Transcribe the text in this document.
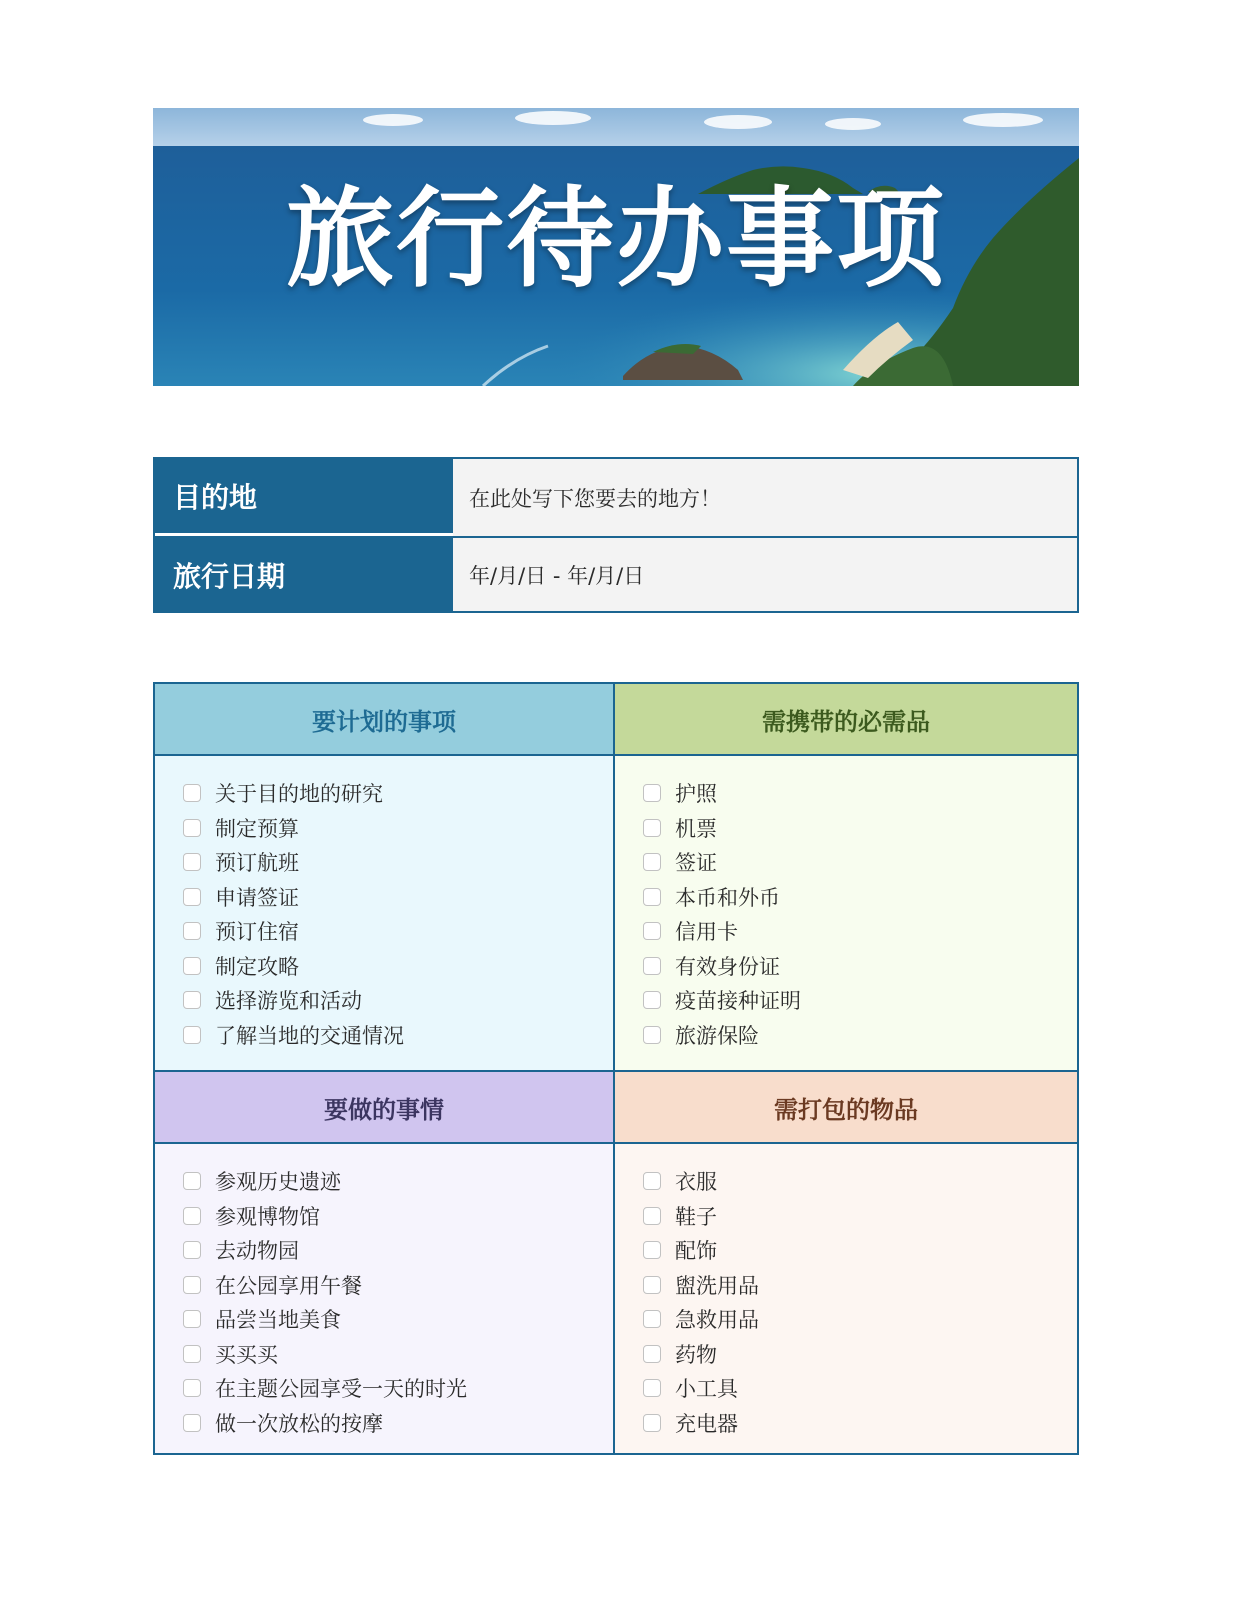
旅行待办事项
目的地	在此处写下您要去的地方！
旅行日期	年/月/日 - 年/月/日
要计划的事项
关于目的地的研究
制定预算
预订航班
申请签证
预订住宿
制定攻略
选择游览和活动
了解当地的交通情况
需携带的必需品
护照
机票
签证
本币和外币
信用卡
有效身份证
疫苗接种证明
旅游保险
要做的事情
参观历史遗迹
参观博物馆
去动物园
在公园享用午餐
品尝当地美食
买买买
在主题公园享受一天的时光
做一次放松的按摩
需打包的物品
衣服
鞋子
配饰
盥洗用品
急救用品
药物
小工具
充电器
